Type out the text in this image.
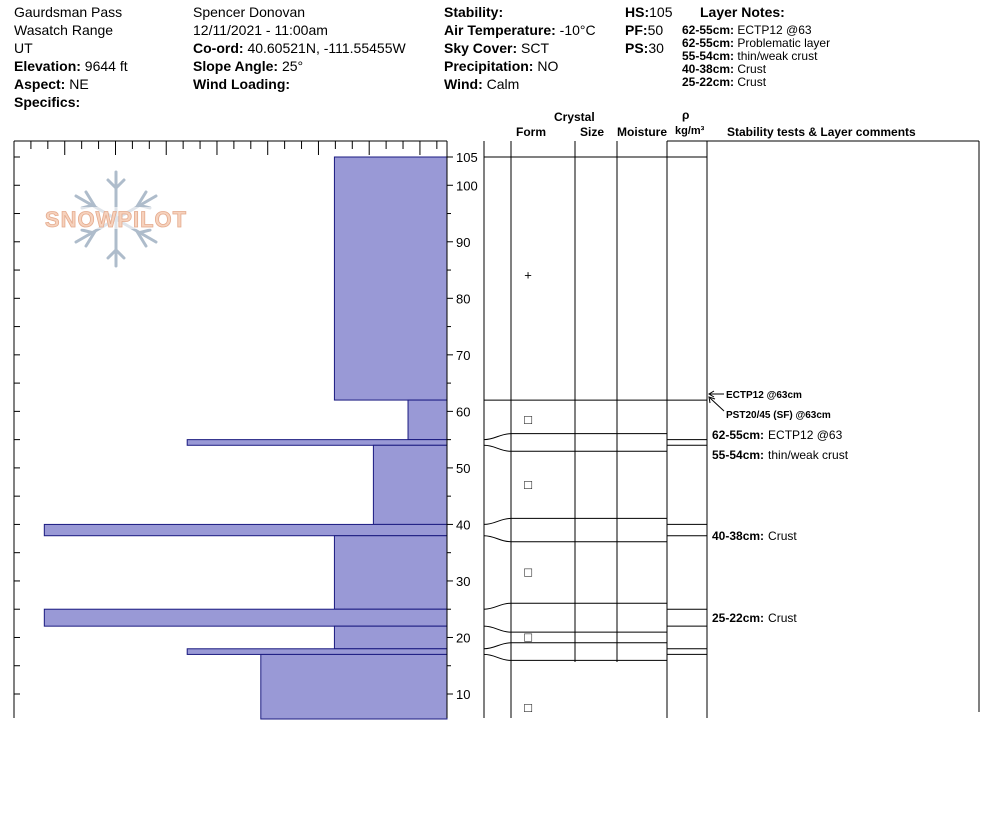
Gaurdsman Pass
Wasatch Range
UT
Elevation: 9644 ft
Aspect: NE
Specifics:
Spencer Donovan
12/11/2021 - 11:00am
Co-ord: 40.60521N, -111.55455W
Slope Angle: 25°
Wind Loading:
Stability:
Air Temperature: -10°C
Sky Cover: SCT
Precipitation: NO
Wind: Calm
HS:105
PF:50
PS:30
Layer Notes:
62-55cm: ECTP12 @63
62-55cm: Problematic layer
55-54cm: thin/weak crust
40-38cm: Crust
25-22cm: Crust
Crystal
Form	Size Moisture
ρ
kg/m³ Stability tests & Layer comments
SNOWPILOT
10
20
30
40
50
60
70
80
90
100
105
+
□
□
□
□
□
ECTP12 @63cm
PST20/45 (SF) @63cm
62-55cm: ECTP12 @63
55-54cm: thin/weak crust
40-38cm: Crust
25-22cm: Crust
